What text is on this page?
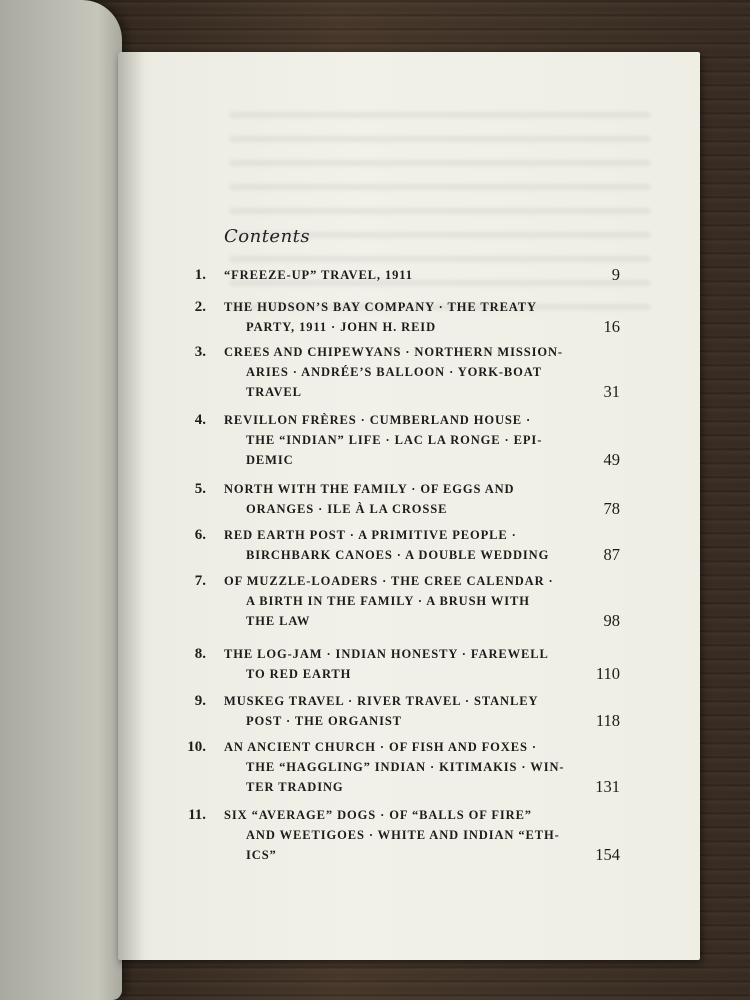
Contents
1. “FREEZE-UP” TRAVEL, 1911	9
2. THE HUDSON’S BAY COMPANY · THE TREATY
PARTY, 1911 · JOHN H. REID	16
3. CREES AND CHIPEWYANS · NORTHERN MISSION-
ARIES · ANDRÉE’S BALLOON · YORK-BOAT
TRAVEL	31
4. REVILLON FRÈRES · CUMBERLAND HOUSE ·
THE “INDIAN” LIFE · LAC LA RONGE · EPI-
DEMIC	49
5. NORTH WITH THE FAMILY · OF EGGS AND
ORANGES · ILE À LA CROSSE	78
6. RED EARTH POST · A PRIMITIVE PEOPLE ·
BIRCHBARK CANOES · A DOUBLE WEDDING	87
7. OF MUZZLE-LOADERS · THE CREE CALENDAR ·
A BIRTH IN THE FAMILY · A BRUSH WITH
THE LAW	98
8. THE LOG-JAM · INDIAN HONESTY · FAREWELL
TO RED EARTH	110
9. MUSKEG TRAVEL · RIVER TRAVEL · STANLEY
POST · THE ORGANIST	118
10. AN ANCIENT CHURCH · OF FISH AND FOXES ·
THE “HAGGLING” INDIAN · KITIMAKIS · WIN-
TER TRADING	131
11. SIX “AVERAGE” DOGS · OF “BALLS OF FIRE”
AND WEETIGOES · WHITE AND INDIAN “ETH-
ICS”	154
